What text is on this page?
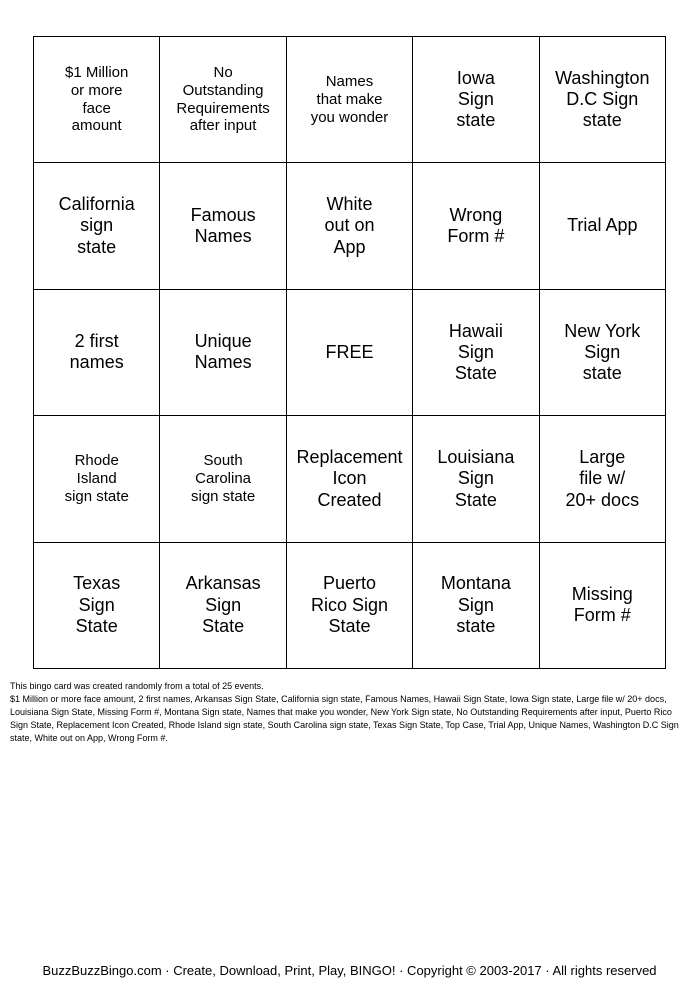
$1 Million
or more
face
amount
No
Outstanding
Requirements
after input
Names
that make
you wonder
Iowa
Sign
state
Washington
D.C Sign
state
California
sign
state
Famous
Names
White
out on
App
Wrong
Form #
Trial App
2 first
names
Unique
Names
FREE
Hawaii
Sign
State
New York
Sign
state
Rhode
Island
sign state
South
Carolina
sign state
Replacement
Icon
Created
Louisiana
Sign
State
Large
file w/
20+ docs
Texas
Sign
State
Arkansas
Sign
State
Puerto
Rico Sign
State
Montana
Sign
state
Missing
Form #

This bingo card was created randomly from a total of 25 events.

$1 Million or more face amount, 2 first names, Arkansas Sign State, California sign state, Famous Names, Hawaii Sign State, Iowa Sign state, Large file w/ 20+ docs, Louisiana Sign State, Missing Form #, Montana Sign state, Names that make you wonder, New York Sign state, No Outstanding Requirements after input, Puerto Rico Sign State, Replacement Icon Created, Rhode Island sign state, South Carolina sign state, Texas Sign State, Top Case, Trial App, Unique Names, Washington D.C Sign state, White out on App, Wrong Form #.

BuzzBuzzBingo.com · Create, Download, Print, Play, BINGO! · Copyright © 2003-2017 · All rights reserved
